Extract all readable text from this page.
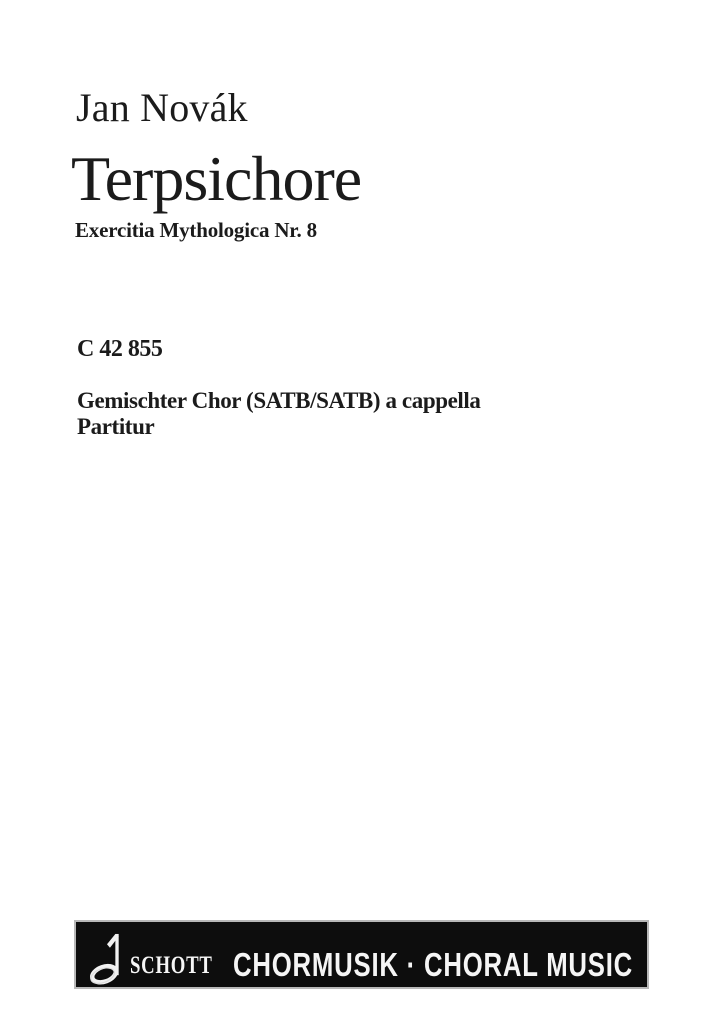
Jan Novák
Terpsichore
Exercitia Mythologica Nr. 8
C 42 855
Gemischter Chor (SATB/SATB) a cappella
Partitur
SCHOTT CHORMUSIK · CHORAL MUSIC
